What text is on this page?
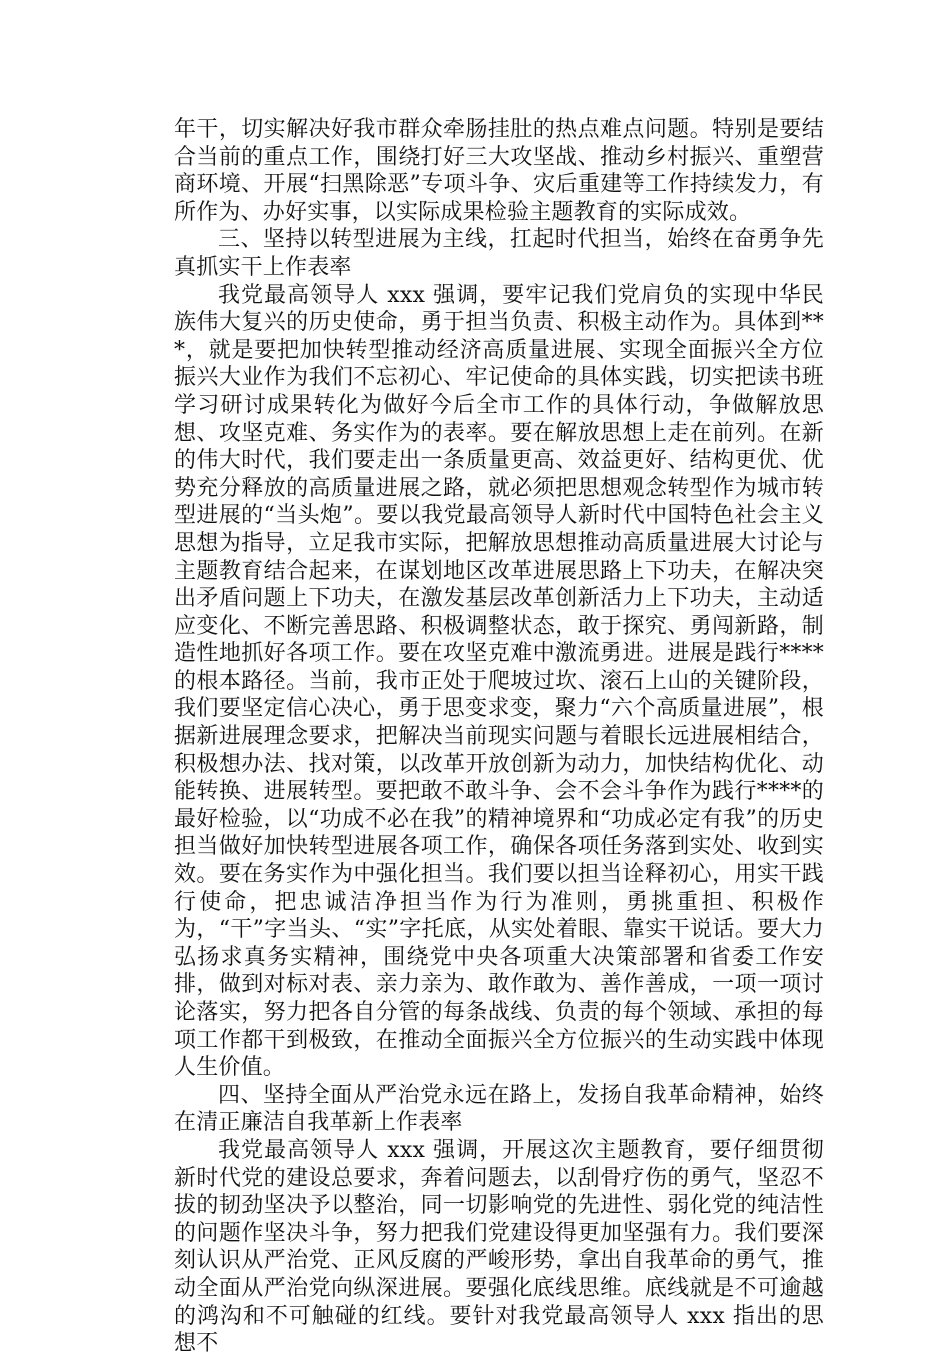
年干，切实解决好我市群众牵肠挂肚的热点难点问题。特别是要结合当前的重点工作，围绕打好三大攻坚战、推动乡村振兴、重塑营商环境、开展“扫黑除恶”专项斗争、灾后重建等工作持续发力，有所作为、办好实事，以实际成果检验主题教育的实际成效。

三、坚持以转型进展为主线，扛起时代担当，始终在奋勇争先真抓实干上作表率

我党最高领导人 xxx 强调，要牢记我们党肩负的实现中华民族伟大复兴的历史使命，勇于担当负责、积极主动作为。具体到***，就是要把加快转型推动经济高质量进展、实现全面振兴全方位振兴大业作为我们不忘初心、牢记使命的具体实践，切实把读书班学习研讨成果转化为做好今后全市工作的具体行动，争做解放思想、攻坚克难、务实作为的表率。要在解放思想上走在前列。在新的伟大时代，我们要走出一条质量更高、效益更好、结构更优、优势充分释放的高质量进展之路，就必须把思想观念转型作为城市转型进展的“当头炮”。要以我党最高领导人新时代中国特色社会主义思想为指导，立足我市实际，把解放思想推动高质量进展大讨论与主题教育结合起来，在谋划地区改革进展思路上下功夫，在解决突出矛盾问题上下功夫，在激发基层改革创新活力上下功夫，主动适应变化、不断完善思路、积极调整状态，敢于探究、勇闯新路，制造性地抓好各项工作。要在攻坚克难中激流勇进。进展是践行****的根本路径。当前，我市正处于爬坡过坎、滚石上山的关键阶段，我们要坚定信心决心，勇于思变求变，聚力“六个高质量进展”，根据新进展理念要求，把解决当前现实问题与着眼长远进展相结合，积极想办法、找对策，以改革开放创新为动力，加快结构优化、动能转换、进展转型。要把敢不敢斗争、会不会斗争作为践行****的最好检验，以“功成不必在我”的精神境界和“功成必定有我”的历史担当做好加快转型进展各项工作，确保各项任务落到实处、收到实效。要在务实作为中强化担当。我们要以担当诠释初心，用实干践行使命，把忠诚洁净担当作为行为准则，勇挑重担、积极作为，“干”字当头、“实”字托底，从实处着眼、靠实干说话。要大力弘扬求真务实精神，围绕党中央各项重大决策部署和省委工作安排，做到对标对表、亲力亲为、敢作敢为、善作善成，一项一项讨论落实，努力把各自分管的每条战线、负责的每个领域、承担的每项工作都干到极致，在推动全面振兴全方位振兴的生动实践中体现人生价值。

四、坚持全面从严治党永远在路上，发扬自我革命精神，始终在清正廉洁自我革新上作表率

我党最高领导人 xxx 强调，开展这次主题教育，要仔细贯彻新时代党的建设总要求，奔着问题去，以刮骨疗伤的勇气，坚忍不拔的韧劲坚决予以整治，同一切影响党的先进性、弱化党的纯洁性的问题作坚决斗争，努力把我们党建设得更加坚强有力。我们要深刻认识从严治党、正风反腐的严峻形势，拿出自我革命的勇气，推动全面从严治党向纵深进展。要强化底线思维。底线就是不可逾越的鸿沟和不可触碰的红线。要针对我党最高领导人 xxx 指出的思想不
